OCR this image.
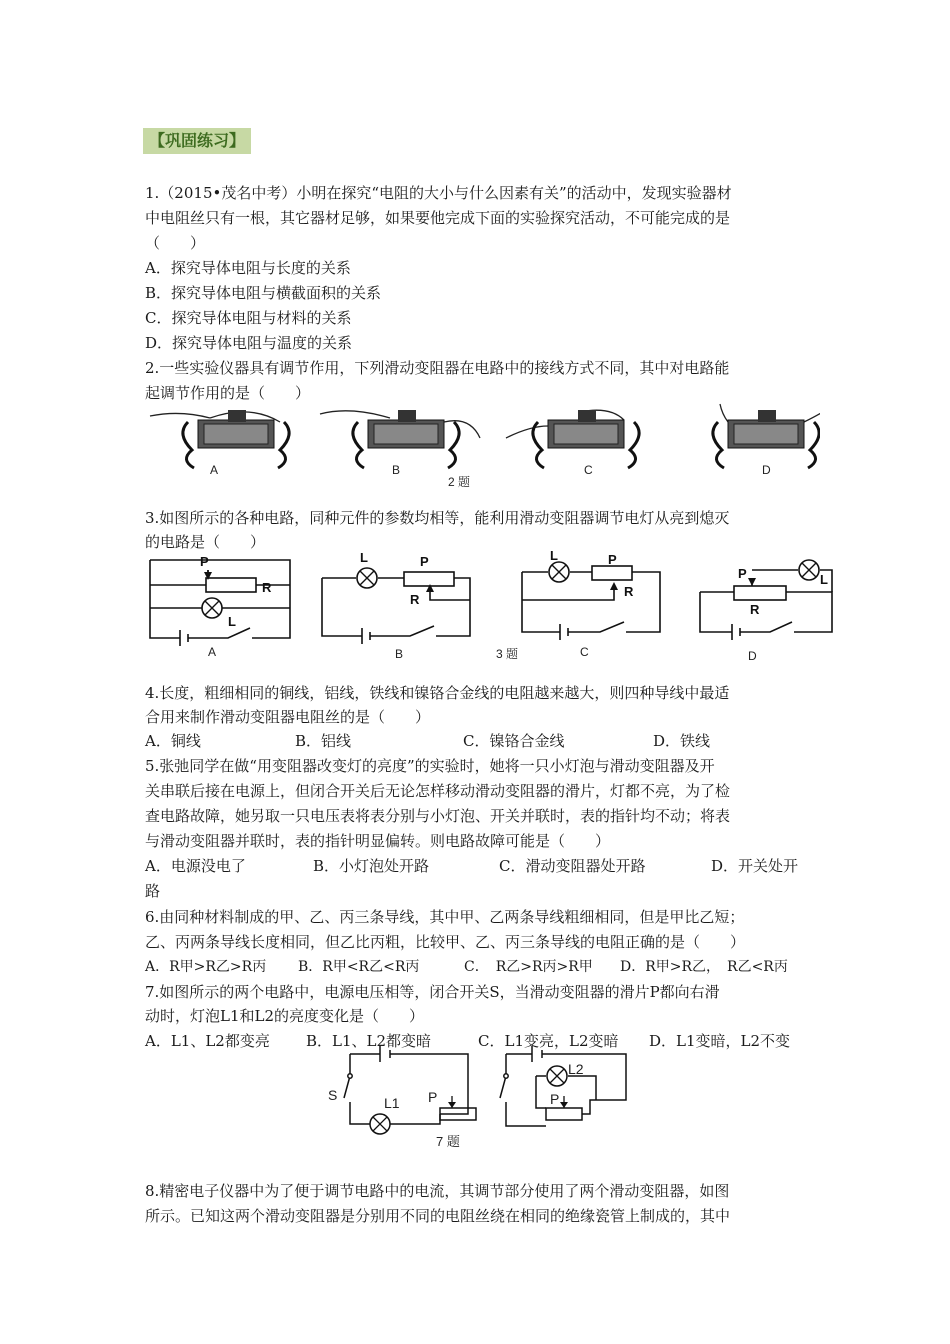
【巩固练习】
1.（2015•茂名中考）小明在探究“电阻的大小与什么因素有关”的活动中，发现实验器材
中电阻丝只有一根，其它器材足够，如果要他完成下面的实验探究活动，不可能完成的是
（　　）
A．探究导体电阻与长度的关系
B．探究导体电阻与横截面积的关系
C．探究导体电阻与材料的关系
D．探究导体电阻与温度的关系
2.一些实验仪器具有调节作用，下列滑动变阻器在电路中的接线方式不同，其中对电路能
起调节作用的是（　　）
A	B	C	D
2 题
3.如图所示的各种电路，同种元件的参数均相等，能利用滑动变阻器调节电灯从亮到熄灭
的电路是（　　）
P
R
L
A
L	P
R
B
L	P
R
C
P
R
L
D
3 题
4.长度，粗细相同的铜线，铝线，铁线和镍铬合金线的电阻越来越大，则四种导线中最适
合用来制作滑动变阻器电阻丝的是（　　）
A．铜线	B．铝线	C．镍铬合金线	D．铁线
5.张弛同学在做“用变阻器改变灯的亮度”的实验时，她将一只小灯泡与滑动变阻器及开
关串联后接在电源上，但闭合开关后无论怎样移动滑动变阻器的滑片，灯都不亮，为了检
查电路故障，她另取一只电压表将表分别与小灯泡、开关并联时，表的指针均不动；将表
与滑动变阻器并联时，表的指针明显偏转。则电路故障可能是（　　）
A．电源没电了	B．小灯泡处开路	C．滑动变阻器处开路	D．开关处开
路
6.由同种材料制成的甲、乙、丙三条导线，其中甲、乙两条导线粗细相同，但是甲比乙短；
乙、丙两条导线长度相同，但乙比丙粗，比较甲、乙、丙三条导线的电阻正确的是（　　）
A．R甲>R乙>R丙 B．R甲<R乙<R丙	C．　R乙>R丙>R甲 D．R甲>R乙，　R乙<R丙
7.如图所示的两个电路中，电源电压相等，闭合开关S，当滑动变阻器的滑片P都向右滑
动时，灯泡L1和L2的亮度变化是（　　）
A．L1、L2都变亮 B．L1、L2都变暗	C．L1变亮，L2变暗 D．L1变暗，L2不变
S	L1 P
L2
P
7 题
8.精密电子仪器中为了便于调节电路中的电流，其调节部分使用了两个滑动变阻器，如图
所示。已知这两个滑动变阻器是分别用不同的电阻丝绕在相同的绝缘瓷管上制成的，其中
